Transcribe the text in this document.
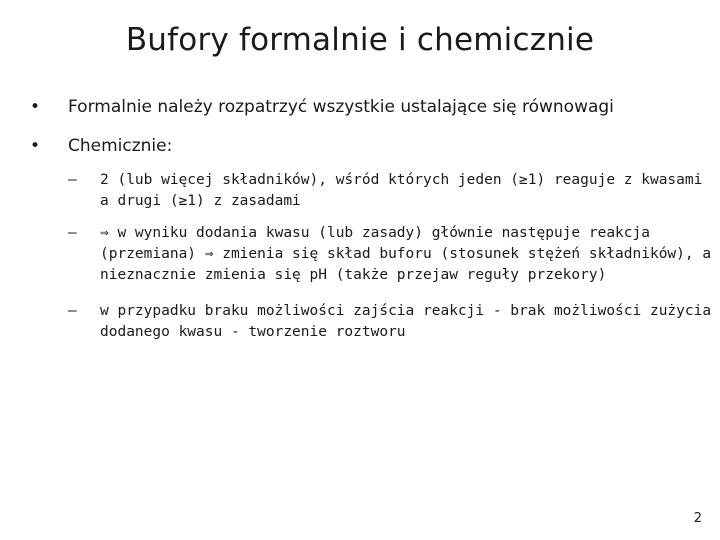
Bufory formalnie i chemicznie
•	Formalnie należy rozpatrzyć wszystkie ustalające się równowagi
•	Chemicznie:
–	2 (lub więcej składników), wśród których jeden (≥1) reaguje z kwasami
a drugi (≥1) z zasadami
–	⇒ w wyniku dodania kwasu (lub zasady) głównie następuje reakcja
(przemiana) ⇒ zmienia się skład buforu (stosunek stężeń składników), a
nieznacznie zmienia się pH (także przejaw reguły przekory)
–	w przypadku braku możliwości zajścia reakcji - brak możliwości zużycia
dodanego kwasu - tworzenie roztworu
2
